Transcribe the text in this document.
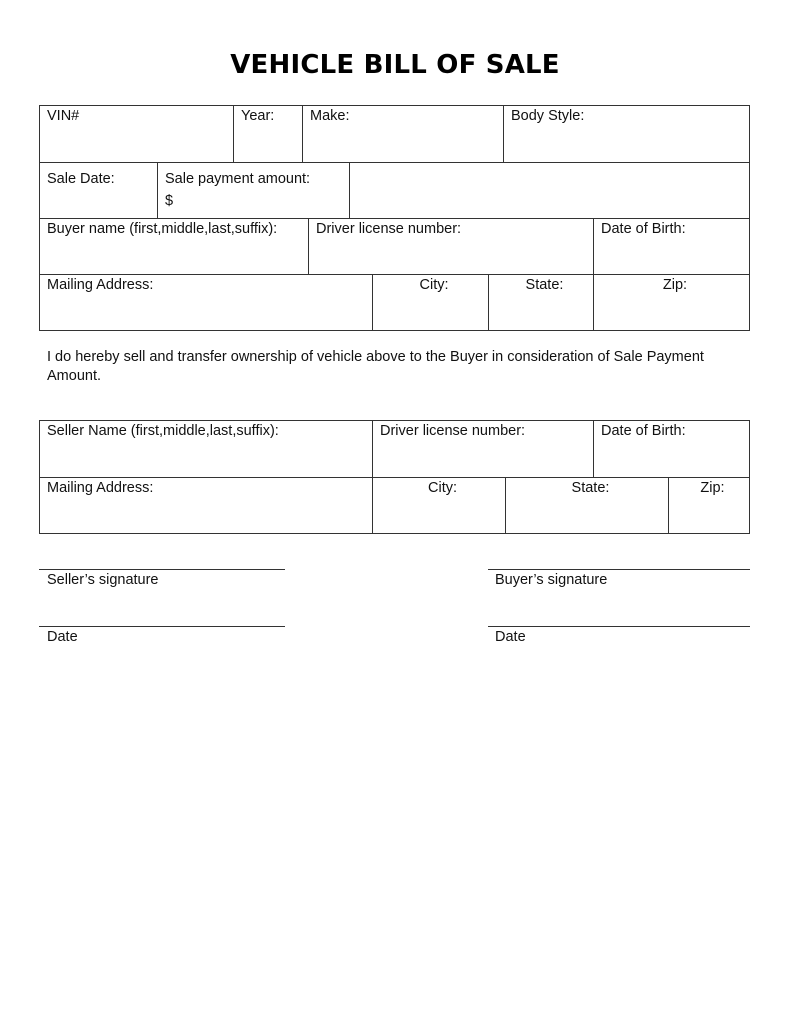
VEHICLE BILL OF SALE
VIN#	Year:	Make:	Body Style:
Sale Date:	Sale payment amount:
$
Buyer name (first,middle,last,suffix):	Driver license number:	Date of Birth:
Mailing Address:	City:	State:	Zip:
I do hereby sell and transfer ownership of vehicle above to the Buyer in consideration of Sale Payment Amount.
Seller Name (first,middle,last,suffix):	Driver license number:	Date of Birth:
Mailing Address:	City:	State:	Zip:
Seller’s signature	Buyer’s signature
Date	Date
